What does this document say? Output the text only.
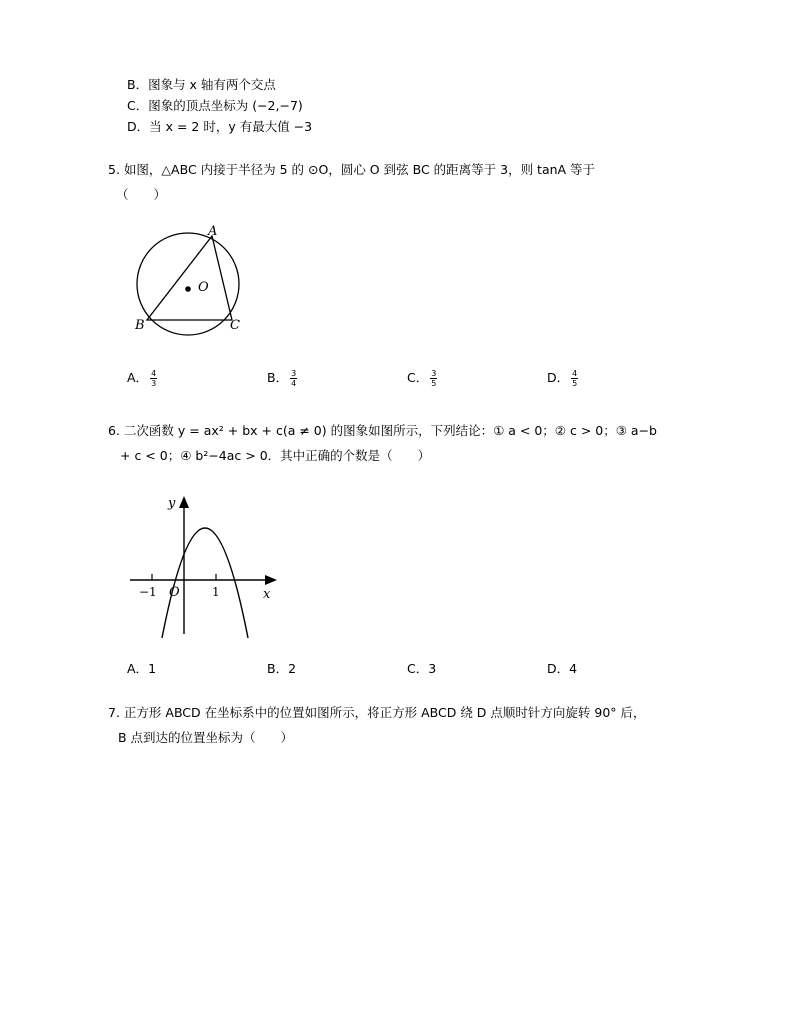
B．图象与 x 轴有两个交点
C．图象的顶点坐标为 (−2,−7)
D．当 x = 2 时，y 有最大值 −3
5. 如图，△ABC 内接于半径为 5 的 ⊙O，圆心 O 到弦 BC 的距离等于 3，则 tanA 等于
（　　）
A
O
B	C
A． $\frac{4}{3}$	B． $\frac{3}{4}$	C． $\frac{3}{5}$	D． $\frac{4}{5}$
6. 二次函数 y = ax² + bx + c(a ≠ 0) 的图象如图所示，下列结论：① a < 0；② c > 0；③ a−b
+ c < 0；④ b²−4ac > 0．其中正确的个数是（　　）
y
x
O
−1	1
A．1	B．2	C．3	D．4
7. 正方形 ABCD 在坐标系中的位置如图所示，将正方形 ABCD 绕 D 点顺时针方向旋转 90° 后，
B 点到达的位置坐标为（　　）
